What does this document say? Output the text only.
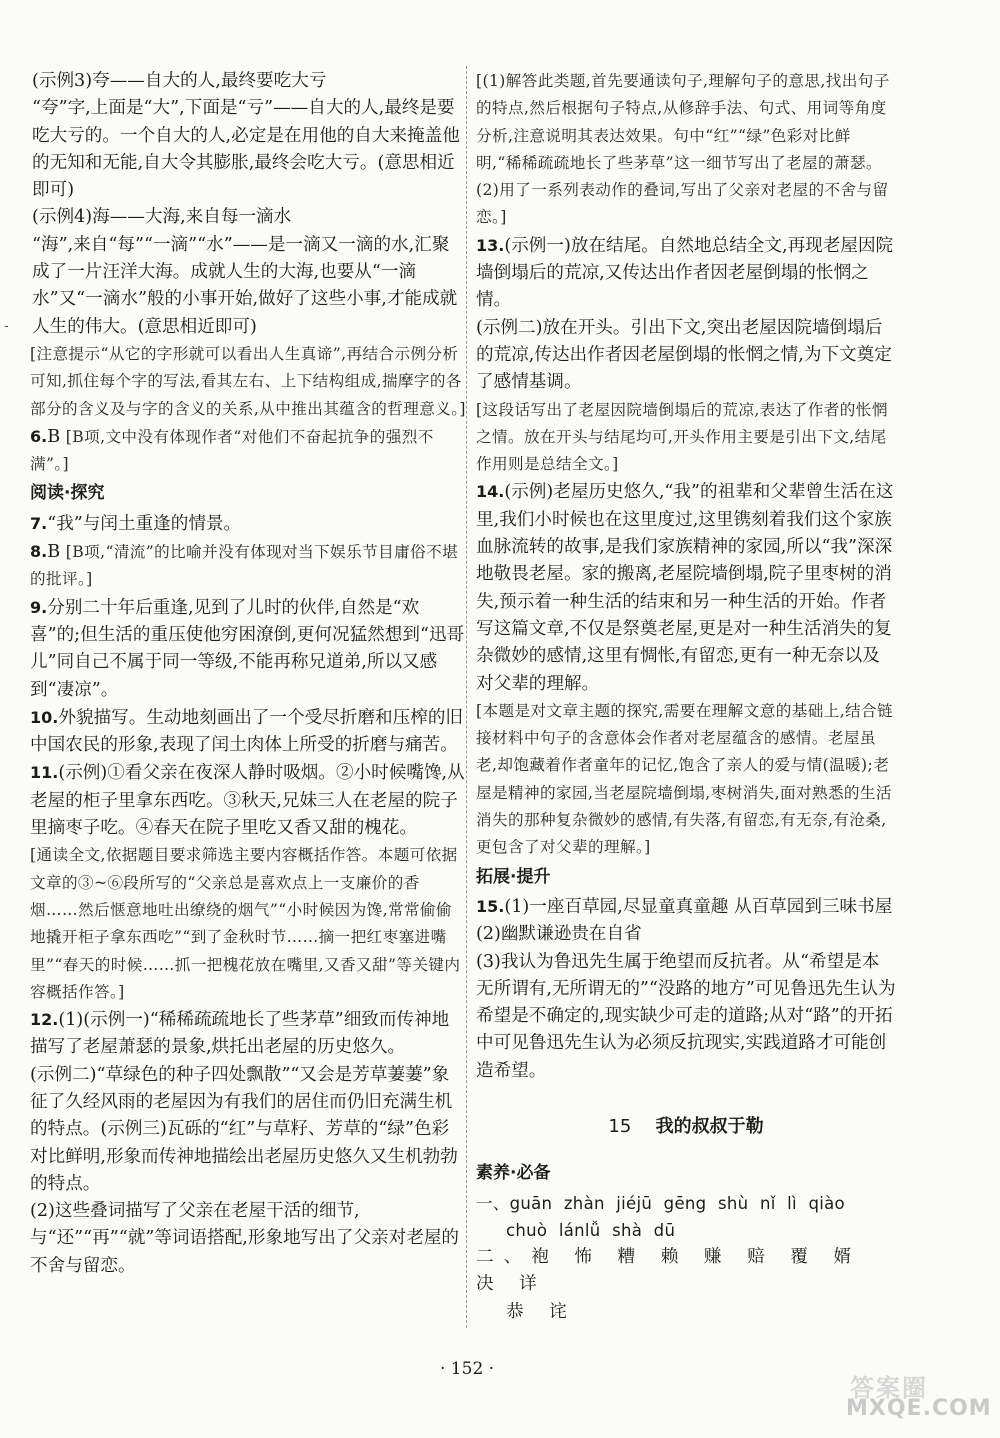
-
(示例3)夸——自大的人,最终要吃大亏
“夸”字,上面是“大”,下面是“亏”——自大的人,最终是要吃大亏的。一个自大的人,必定是在用他的自大来掩盖他的无知和无能,自大令其膨胀,最终会吃大亏。(意思相近即可)
(示例4)海——大海,来自每一滴水
“海”,来自“每”“一滴”“水”——是一滴又一滴的水,汇聚成了一片汪洋大海。成就人生的大海,也要从“一滴水”又“一滴水”般的小事开始,做好了这些小事,才能成就人生的伟大。(意思相近即可)
[注意提示“从它的字形就可以看出人生真谛”,再结合示例分析可知,抓住每个字的写法,看其左右、上下结构组成,揣摩字的各部分的含义及与字的含义的关系,从中推出其蕴含的哲理意义。]
6.B [B项,文中没有体现作者“对他们不奋起抗争的强烈不满”。]
阅读·探究
7.“我”与闰土重逢的情景。
8.B [B项,“清流”的比喻并没有体现对当下娱乐节目庸俗不堪的批评。]
9.分别二十年后重逢,见到了儿时的伙伴,自然是“欢喜”的;但生活的重压使他穷困潦倒,更何况猛然想到“迅哥儿”同自己不属于同一等级,不能再称兄道弟,所以又感到“凄凉”。
10.外貌描写。生动地刻画出了一个受尽折磨和压榨的旧中国农民的形象,表现了闰土肉体上所受的折磨与痛苦。
11.(示例)①看父亲在夜深人静时吸烟。②小时候嘴馋,从老屋的柜子里拿东西吃。③秋天,兄妹三人在老屋的院子里摘枣子吃。④春天在院子里吃又香又甜的槐花。
[通读全文,依据题目要求筛选主要内容概括作答。本题可依据文章的③~⑥段所写的“父亲总是喜欢点上一支廉价的香烟……然后惬意地吐出缭绕的烟气”“小时候因为馋,常常偷偷地撬开柜子拿东西吃”“到了金秋时节……摘一把红枣塞进嘴里”“春天的时候……抓一把槐花放在嘴里,又香又甜”等关键内容概括作答。]
12.(1)(示例一)“稀稀疏疏地长了些茅草”细致而传神地描写了老屋萧瑟的景象,烘托出老屋的历史悠久。
(示例二)“草绿色的种子四处飘散”“又会是芳草萋萋”象征了久经风雨的老屋因为有我们的居住而仍旧充满生机的特点。(示例三)瓦砾的“红”与草籽、芳草的“绿”色彩对比鲜明,形象而传神地描绘出老屋历史悠久又生机勃勃的特点。
(2)这些叠词描写了父亲在老屋干活的细节,与“还”“再”“就”等词语搭配,形象地写出了父亲对老屋的不舍与留恋。
[(1)解答此类题,首先要通读句子,理解句子的意思,找出句子的特点,然后根据句子特点,从修辞手法、句式、用词等角度分析,注意说明其表达效果。句中“红”“绿”色彩对比鲜明,“稀稀疏疏地长了些茅草”这一细节写出了老屋的萧瑟。(2)用了一系列表动作的叠词,写出了父亲对老屋的不舍与留恋。]
13.(示例一)放在结尾。自然地总结全文,再现老屋因院墙倒塌后的荒凉,又传达出作者因老屋倒塌的怅惘之情。
(示例二)放在开头。引出下文,突出老屋因院墙倒塌后的荒凉,传达出作者因老屋倒塌的怅惘之情,为下文奠定了感情基调。
[这段话写出了老屋因院墙倒塌后的荒凉,表达了作者的怅惘之情。放在开头与结尾均可,开头作用主要是引出下文,结尾作用则是总结全文。]
14.(示例)老屋历史悠久,“我”的祖辈和父辈曾生活在这里,我们小时候也在这里度过,这里镌刻着我们这个家族血脉流转的故事,是我们家族精神的家园,所以“我”深深地敬畏老屋。家的搬离,老屋院墙倒塌,院子里枣树的消失,预示着一种生活的结束和另一种生活的开始。作者写这篇文章,不仅是祭奠老屋,更是对一种生活消失的复杂微妙的感情,这里有惆怅,有留恋,更有一种无奈以及对父辈的理解。
[本题是对文章主题的探究,需要在理解文意的基础上,结合链接材料中句子的含意体会作者对老屋蕴含的感情。老屋虽老,却饱藏着作者童年的记忆,饱含了亲人的爱与情(温暖);老屋是精神的家园,当老屋院墙倒塌,枣树消失,面对熟悉的生活消失的那种复杂微妙的感情,有失落,有留恋,有无奈,有沧桑,更包含了对父辈的理解。]
拓展·提升
15.(1)一座百草园,尽显童真童趣 从百草园到三味书屋
(2)幽默谦逊贵在自省
(3)我认为鲁迅先生属于绝望而反抗者。从“希望是本无所谓有,无所谓无的”“没路的地方”可见鲁迅先生认为希望是不确定的,现实缺少可走的道路;从对“路”的开拓中可见鲁迅先生认为必须反抗现实,实践道路才可能创造希望。
15 我的叔叔于勒
素养·必备
一、guān zhàn jiéjū gēng shù nǐ lì qiào
chuò lánlǚ shà dū
二、袍 怖 糟 赖 赚 赔 覆 婿 决 详
恭 诧
· 152 ·
答案圈
MXQE.COM
